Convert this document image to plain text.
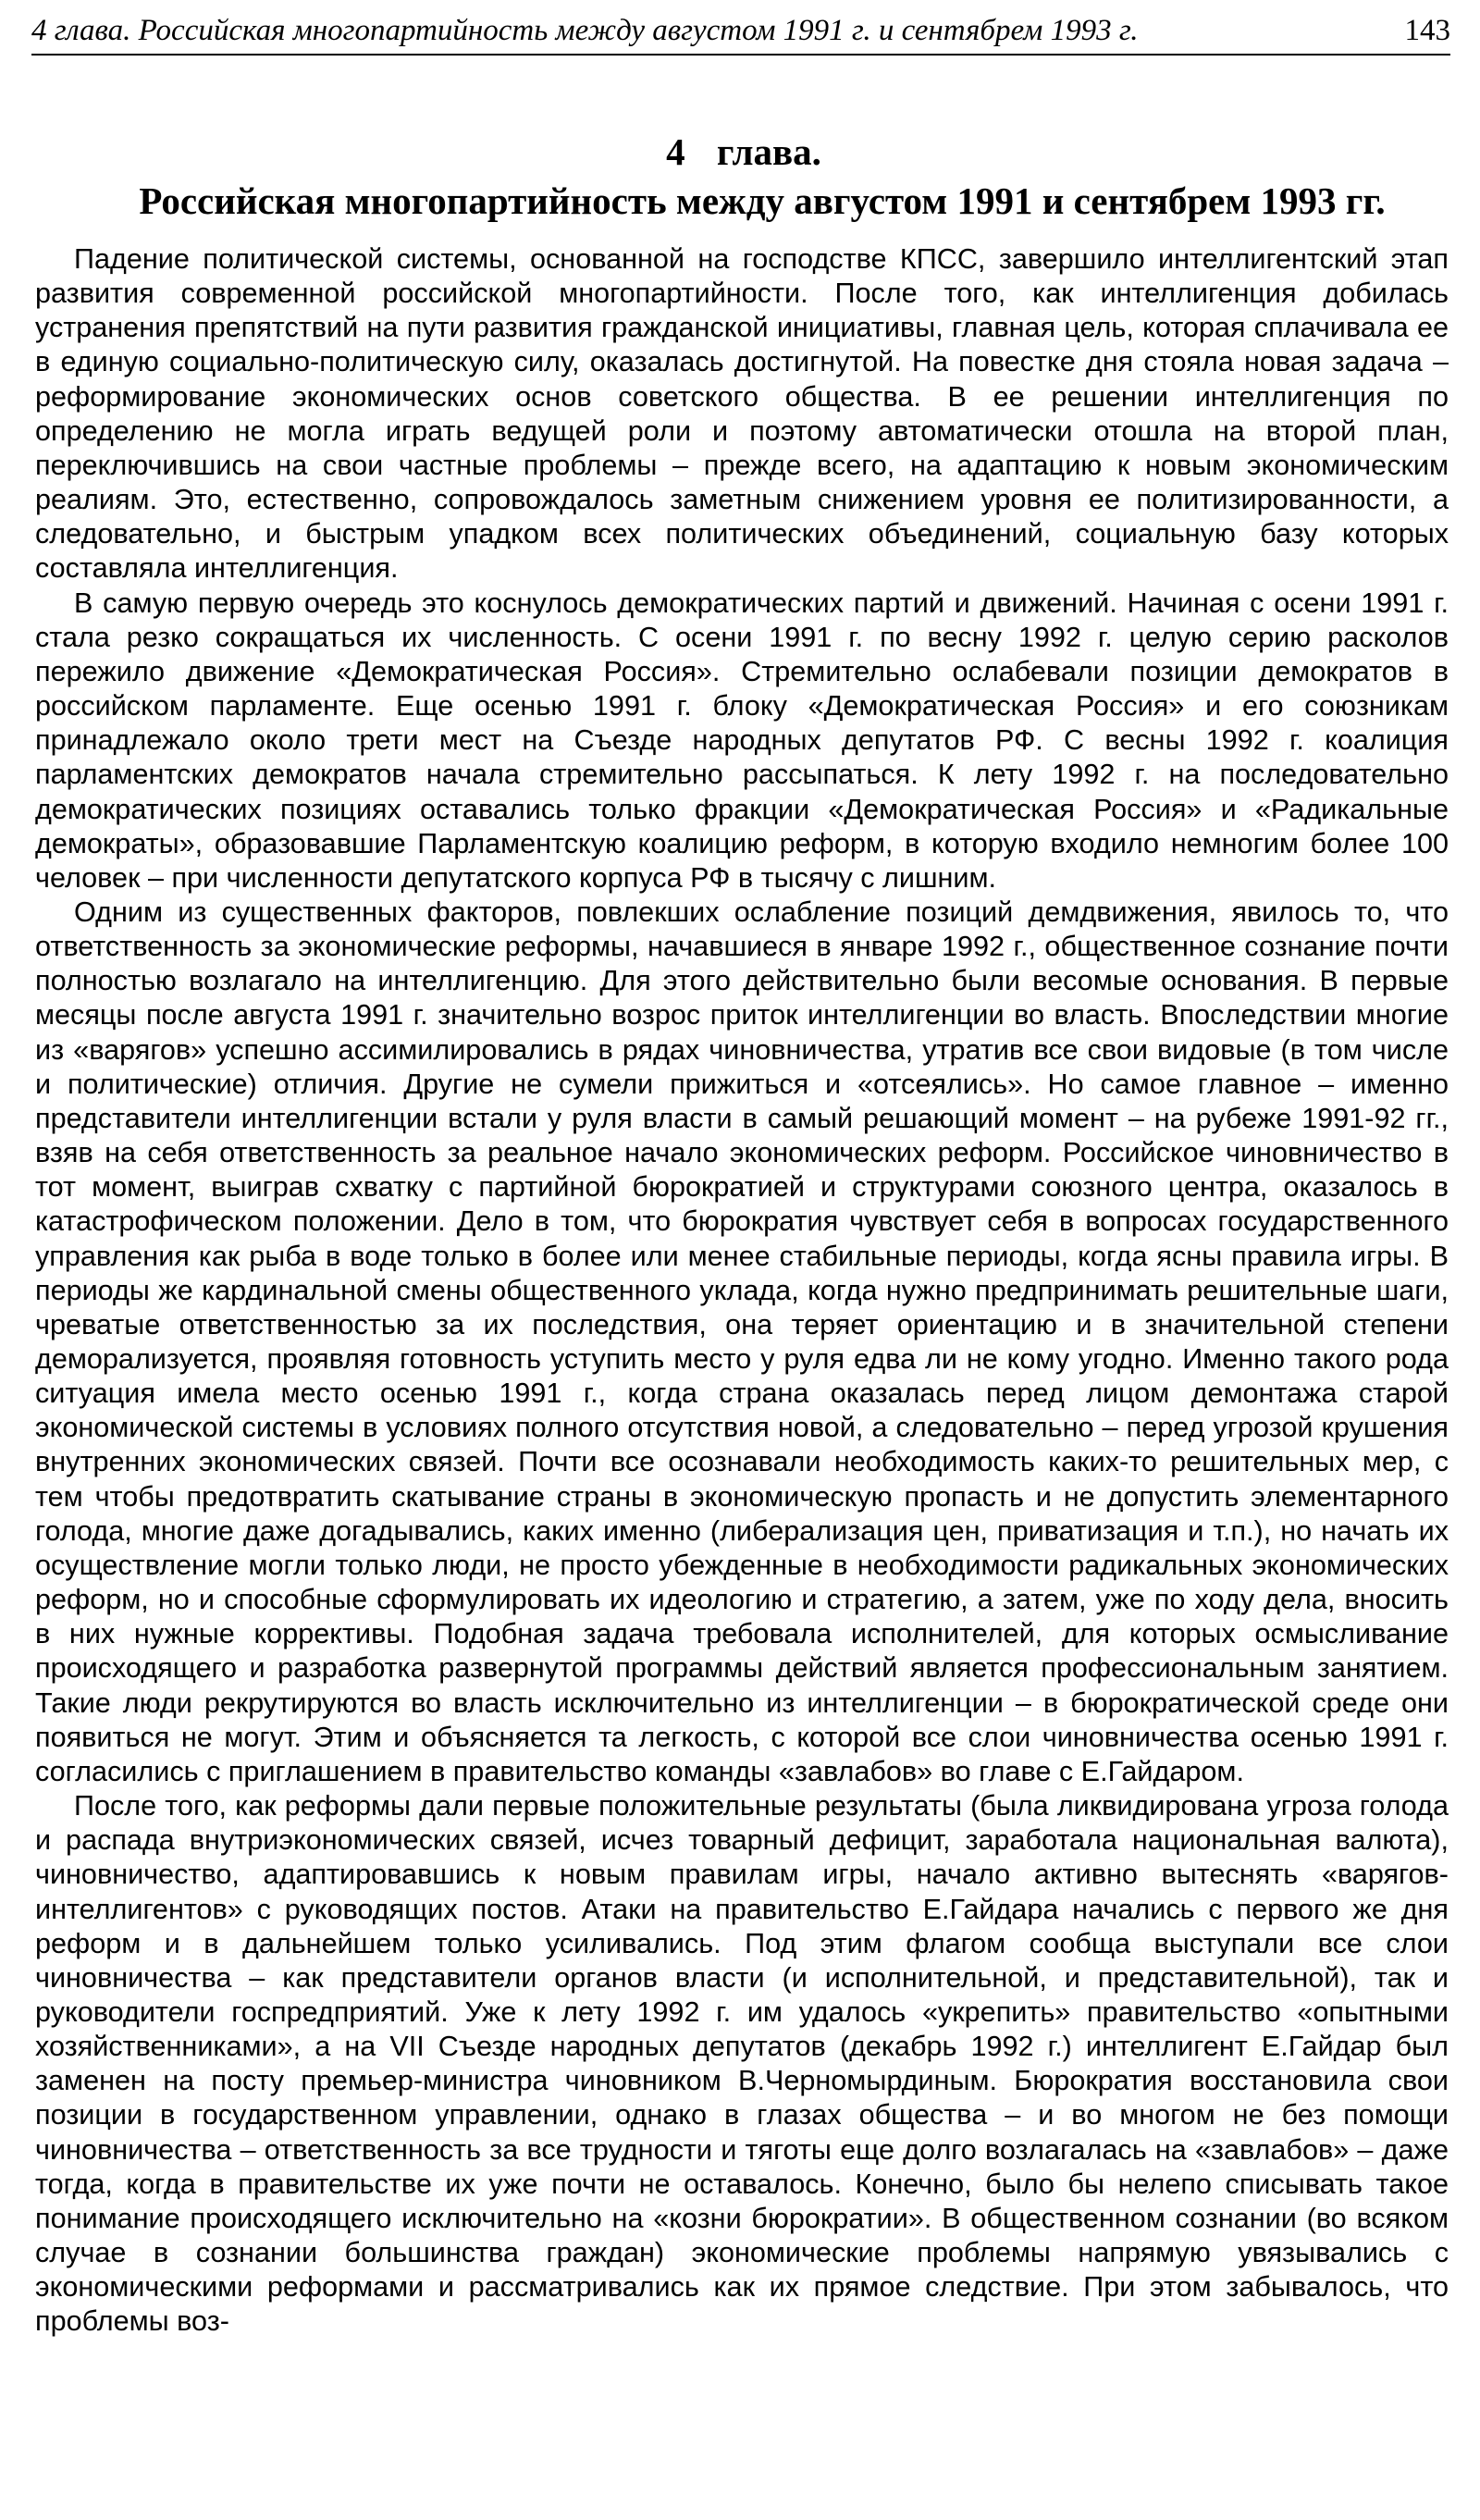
4 глава. Российская многопартийность между августом 1991 г. и сентябрем 1993 г.	143
4 глава.
Российская многопартийность между августом 1991 и сентябрем 1993 гг.

Падение политической системы, основанной на господстве КПСС, завершило интеллигентский этап развития современной российской многопартийности. После того, как интеллигенция добилась устранения препятствий на пути развития гражданской инициативы, главная цель, которая сплачивала ее в единую социально-политическую силу, оказалась достигнутой. На повестке дня стояла новая задача – реформирование экономических основ советского общества. В ее решении интеллигенция по определению не могла играть ведущей роли и поэтому автоматически отошла на второй план, переключившись на свои частные проблемы – прежде всего, на адаптацию к новым экономическим реалиям. Это, естественно, сопровождалось заметным снижением уровня ее политизированности, а следовательно, и быстрым упадком всех политических объединений, социальную базу которых составляла интеллигенция.

В самую первую очередь это коснулось демократических партий и движений. Начиная с осени 1991 г. стала резко сокращаться их численность. С осени 1991 г. по весну 1992 г. целую серию расколов пережило движение «Демократическая Россия». Стремительно ослабевали позиции демократов в российском парламенте. Еще осенью 1991 г. блоку «Демократическая Россия» и его союзникам принадлежало около трети мест на Съезде народных депутатов РФ. С весны 1992 г. коалиция парламентских демократов начала стремительно рассыпаться. К лету 1992 г. на последовательно демократических позициях оставались только фракции «Демократическая Россия» и «Радикальные демократы», образовавшие Парламентскую коалицию реформ, в которую входило немногим более 100 человек – при численности депутатского корпуса РФ в тысячу с лишним.

Одним из существенных факторов, повлекших ослабление позиций демдвижения, явилось то, что ответственность за экономические реформы, начавшиеся в январе 1992 г., общественное сознание почти полностью возлагало на интеллигенцию. Для этого действительно были весомые основания. В первые месяцы после августа 1991 г. значительно возрос приток интеллигенции во власть. Впоследствии многие из «варягов» успешно ассимилировались в рядах чиновничества, утратив все свои видовые (в том числе и политические) отличия. Другие не сумели прижиться и «отсеялись». Но самое главное – именно представители интеллигенции встали у руля власти в самый решающий момент – на рубеже 1991-92 гг., взяв на себя ответственность за реальное начало экономических реформ. Российское чиновничество в тот момент, выиграв схватку с партийной бюрократией и структурами союзного центра, оказалось в катастрофическом положении. Дело в том, что бюрократия чувствует себя в вопросах государственного управления как рыба в воде только в более или менее стабильные периоды, когда ясны правила игры. В периоды же кардинальной смены общественного уклада, когда нужно предпринимать решительные шаги, чреватые ответственностью за их последствия, она теряет ориентацию и в значительной степени деморализуется, проявляя готовность уступить место у руля едва ли не кому угодно. Именно такого рода ситуация имела место осенью 1991 г., когда страна оказалась перед лицом демонтажа старой экономической системы в условиях полного отсутствия новой, а следовательно – перед угрозой крушения внутренних экономических связей. Почти все осознавали необходимость каких-то решительных мер, с тем чтобы предотвратить скатывание страны в экономическую пропасть и не допустить элементарного голода, многие даже догадывались, каких именно (либерализация цен, приватизация и т.п.), но начать их осуществление могли только люди, не просто убежденные в необходимости радикальных экономических реформ, но и способные сформулировать их идеологию и стратегию, а затем, уже по ходу дела, вносить в них нужные коррективы. Подобная задача требовала исполнителей, для которых осмысливание происходящего и разработка развернутой программы действий является профессиональным занятием. Такие люди рекрутируются во власть исключительно из интеллигенции – в бюрократической среде они появиться не могут. Этим и объясняется та легкость, с которой все слои чиновничества осенью 1991 г. согласились с приглашением в правительство команды «завлабов» во главе с Е.Гайдаром.

После того, как реформы дали первые положительные результаты (была ликвидирована угроза голода и распада внутриэкономических связей, исчез товарный дефицит, заработала национальная валюта), чиновничество, адаптировавшись к новым правилам игры, начало активно вытеснять «варягов-интеллигентов» с руководящих постов. Атаки на правительство Е.Гайдара начались с первого же дня реформ и в дальнейшем только усиливались. Под этим флагом сообща выступали все слои чиновничества – как представители органов власти (и исполнительной, и представительной), так и руководители госпредприятий. Уже к лету 1992 г. им удалось «укрепить» правительство «опытными хозяйственниками», а на VII Съезде народных депутатов (декабрь 1992 г.) интеллигент Е.Гайдар был заменен на посту премьер-министра чиновником В.Черномырдиным. Бюрократия восстановила свои позиции в государственном управлении, однако в глазах общества – и во многом не без помощи чиновничества – ответственность за все трудности и тяготы еще долго возлагалась на «завлабов» – даже тогда, когда в правительстве их уже почти не оставалось. Конечно, было бы нелепо списывать такое понимание происходящего исключительно на «козни бюрократии». В общественном сознании (во всяком случае в сознании большинства граждан) экономические проблемы напрямую увязывались с экономическими реформами и рассматривались как их прямое следствие. При этом забывалось, что проблемы воз-
